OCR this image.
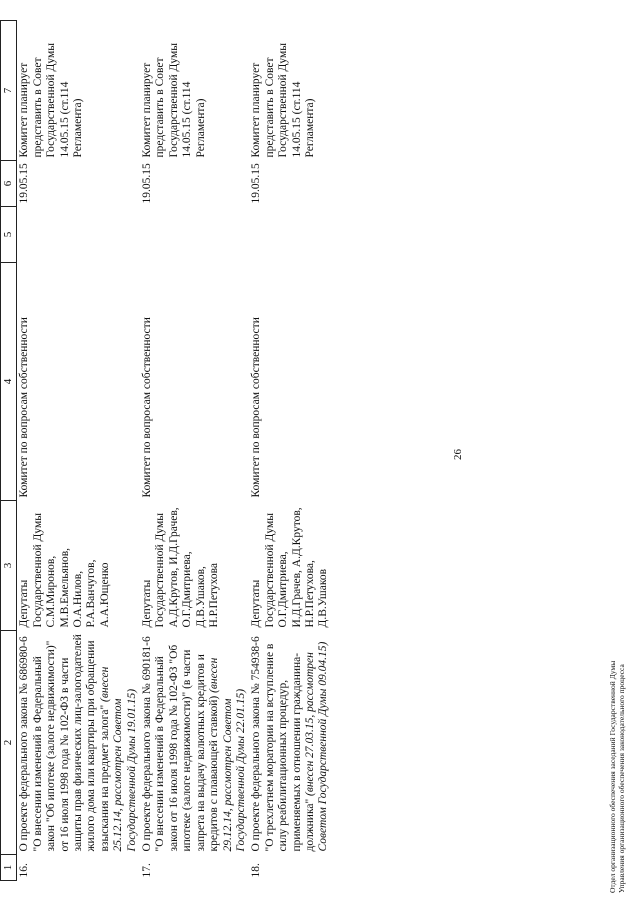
26
1	2	3	4	5	6	7
16.	О проекте федерального закона № 686980-6 "О внесении изменений в Федеральный закон "Об ипотеке (залоге недвижимости)" от 16 июля 1998 года № 102-ФЗ в части защиты прав физических лиц-залогодателей жилого дома или квартиры при обращении взыскания на предмет залога" (внесен 25.12.14, рассмотрен Советом Государственной Думы 19.01.15)	Депутаты Государственной Думы С.М.Миронов, М.В.Емельянов, О.А.Нилов, Р.А.Ванчугов, А.А.Ющенко	Комитет по вопросам собственности		19.05.15	Комитет планирует представить в Совет Государственной Думы 14.05.15 (ст.114 Регламента)
17.	О проекте федерального закона № 690181-6 "О внесении изменений в Федеральный закон от 16 июля 1998 года № 102-ФЗ "Об ипотеке (залоге недвижимости)" (в части запрета на выдачу валютных кредитов и кредитов с плавающей ставкой) (внесен 29.12.14, рассмотрен Советом Государственной Думы 22.01.15)	Депутаты Государственной Думы А.Д.Крутов, И.Д.Грачев, О.Г.Дмитриева, Д.В.Ушаков, Н.Р.Петухова	Комитет по вопросам собственности		19.05.15	Комитет планирует представить в Совет Государственной Думы 14.05.15 (ст.114 Регламента)
18.	О проекте федерального закона № 754938-6 "О трехлетнем моратории на вступление в силу реабилитационных процедур, применяемых в отношении гражданина-должника" (внесен 27.03.15, рассмотрен Советом Государственной Думы 09.04.15)	Депутаты Государственной Думы О.Г.Дмитриева, И.Д.Грачев, А.Д.Крутов, Н.Р.Петухова, Д.В.Ушаков	Комитет по вопросам собственности		19.05.15	Комитет планирует представить в Совет Государственной Думы 14.05.15 (ст.114 Регламента)
Отдел организационного обеспечения заседаний Государственной Думы Управления организационного обеспечения законодательного процесса
